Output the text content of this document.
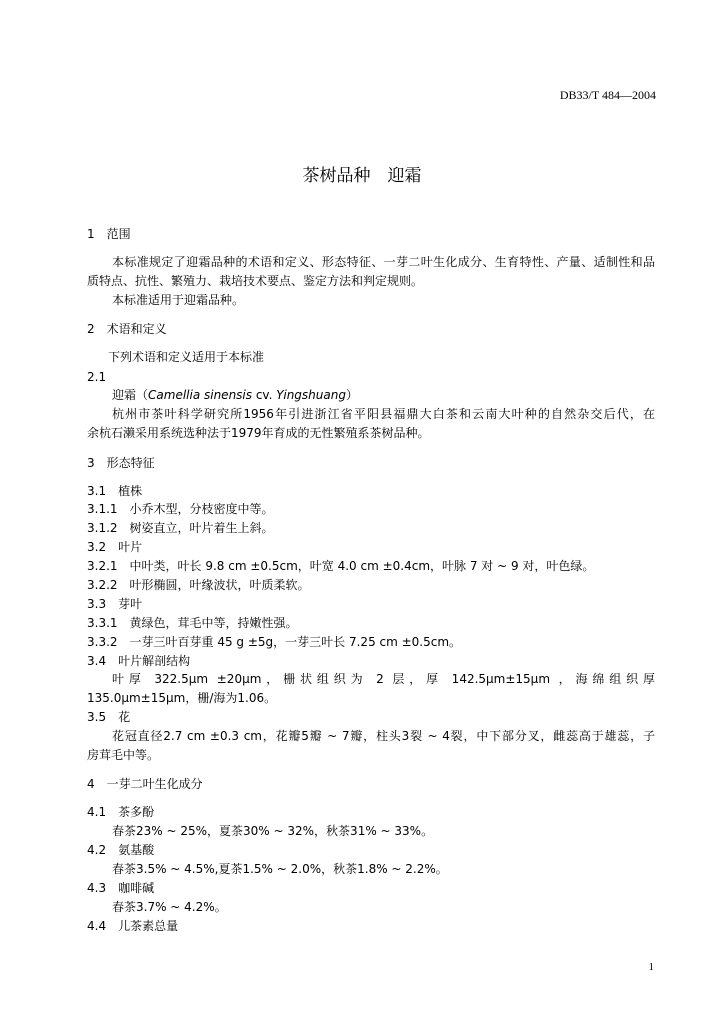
DB33/T 484—2004
茶树品种　迎霜
1　范围
本标准规定了迎霜品种的术语和定义、形态特征、一芽二叶生化成分、生育特性、产量、适制性和品
质特点、抗性、繁殖力、栽培技术要点、鉴定方法和判定规则。
本标准适用于迎霜品种。
2　术语和定义
下列术语和定义适用于本标准
2.1
迎霜（Camellia sinensis cv. Yingshuang）
杭州市茶叶科学研究所1956年引进浙江省平阳县福鼎大白茶和云南大叶种的自然杂交后代，在
余杭石濑采用系统选种法于1979年育成的无性繁殖系茶树品种。
3　形态特征
3.1　植株
3.1.1　小乔木型，分枝密度中等。
3.1.2　树姿直立，叶片着生上斜。
3.2　叶片
3.2.1　中叶类，叶长 9.8 cm ±0.5cm，叶宽 4.0 cm ±0.4cm，叶脉 7 对 ~ 9 对，叶色绿。
3.2.2　叶形椭圆，叶缘波状，叶质柔软。
3.3　芽叶
3.3.1　黄绿色，茸毛中等，持嫩性强。
3.3.2　一芽三叶百芽重 45 g ±5g，一芽三叶长 7.25 cm ±0.5cm。
3.4　叶片解剖结构
叶厚 322.5μm ±20μm，栅状组织为 2 层，厚 142.5μm±15μm ，海绵组织厚
135.0μm±15μm，栅/海为1.06。
3.5　花
花冠直径2.7 cm ±0.3 cm，花瓣5瓣 ~ 7瓣，柱头3裂 ~ 4裂，中下部分叉，雌蕊高于雄蕊，子
房茸毛中等。
4　一芽二叶生化成分
4.1　茶多酚
春茶23% ~ 25%，夏茶30% ~ 32%，秋茶31% ~ 33%。
4.2　氨基酸
春茶3.5% ~ 4.5%,夏茶1.5% ~ 2.0%，秋茶1.8% ~ 2.2%。
4.3　咖啡碱
春茶3.7% ~ 4.2%。
4.4　儿茶素总量
1
